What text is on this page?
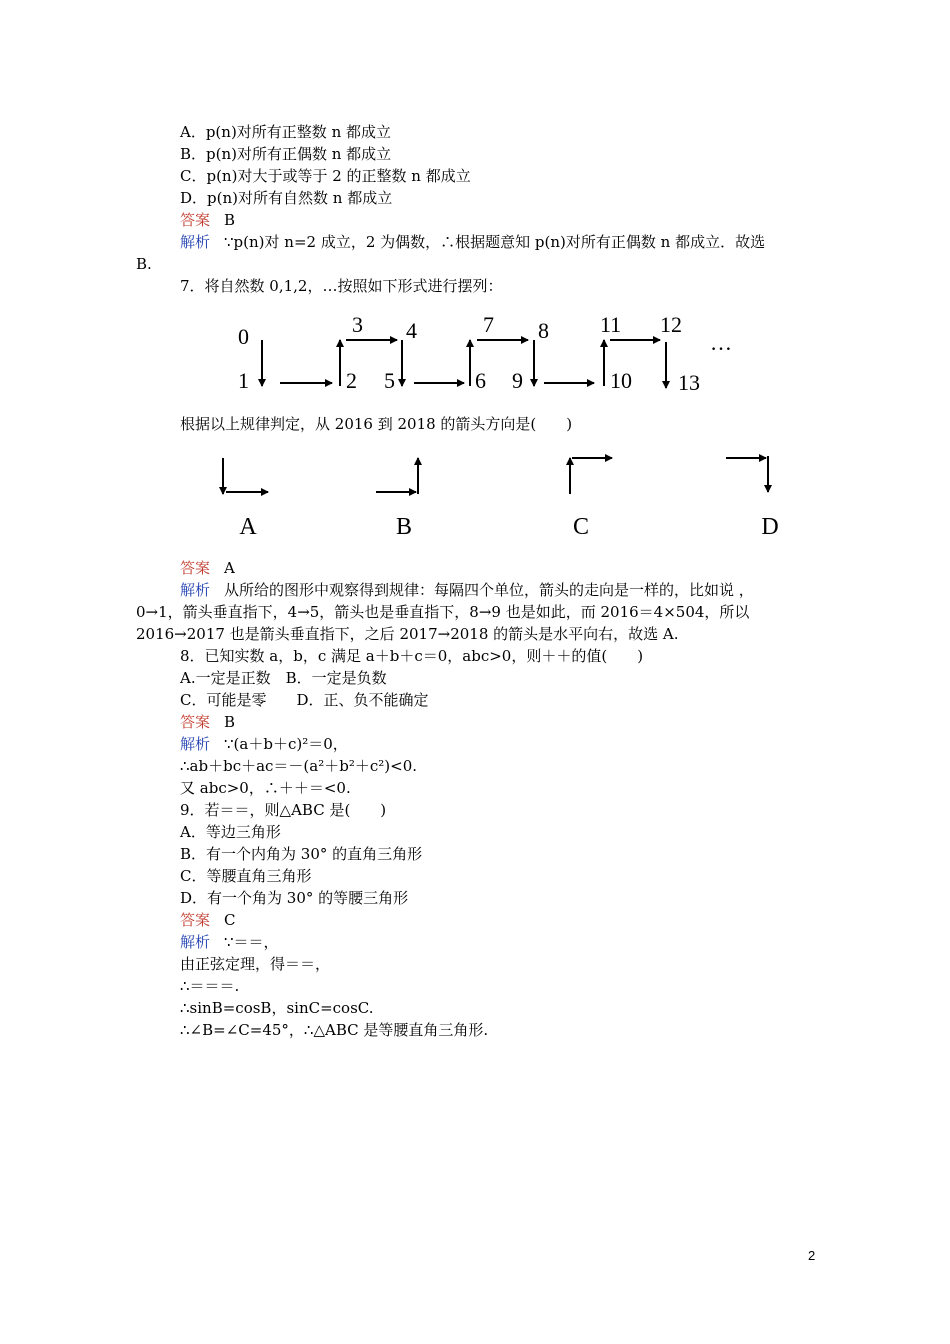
A．p(n)对所有正整数 n 都成立
B．p(n)对所有正偶数 n 都成立
C．p(n)对大于或等于 2 的正整数 n 都成立
D．p(n)对所有自然数 n 都成立
答案 B
解析 ∵p(n)对 n=2 成立，2 为偶数，∴根据题意知 p(n)对所有正偶数 n 都成立．故选
B.
7．将自然数 0,1,2，…按照如下形式进行摆列：
0
1	2
3 4
5	6
7 8
9	10
11 12
13
…
根据以上规律判定，从 2016 到 2018 的箭头方向是(　　)
A	B	C	D
答案 A
解析 从所给的图形中观察得到规律：每隔四个单位，箭头的走向是一样的，比如说 ，
0→1，箭头垂直指下，4→5，箭头也是垂直指下，8→9 也是如此，而 2016＝4×504，所以
2016→2017 也是箭头垂直指下，之后 2017→2018 的箭头是水平向右，故选 A.
8．已知实数 a，b，c 满足 a＋b＋c＝0，abc>0，则＋＋的值(　　)
A.一定是正数　B．一定是负数
C．可能是零　　D．正、负不能确定
答案 B
解析 ∵(a＋b＋c)²＝0，
∴ab＋bc＋ac＝－(a²＋b²＋c²)<0.
又 abc>0，∴＋＋＝<0.
9．若＝＝，则△ABC 是(　　)
A．等边三角形
B．有一个内角为 30° 的直角三角形
C．等腰直角三角形
D．有一个角为 30° 的等腰三角形
答案 C
解析 ∵＝＝，
由正弦定理，得＝＝，
∴＝＝＝.
∴sinB=cosB，sinC=cosC.
∴∠B=∠C=45°，∴△ABC 是等腰直角三角形.
2
